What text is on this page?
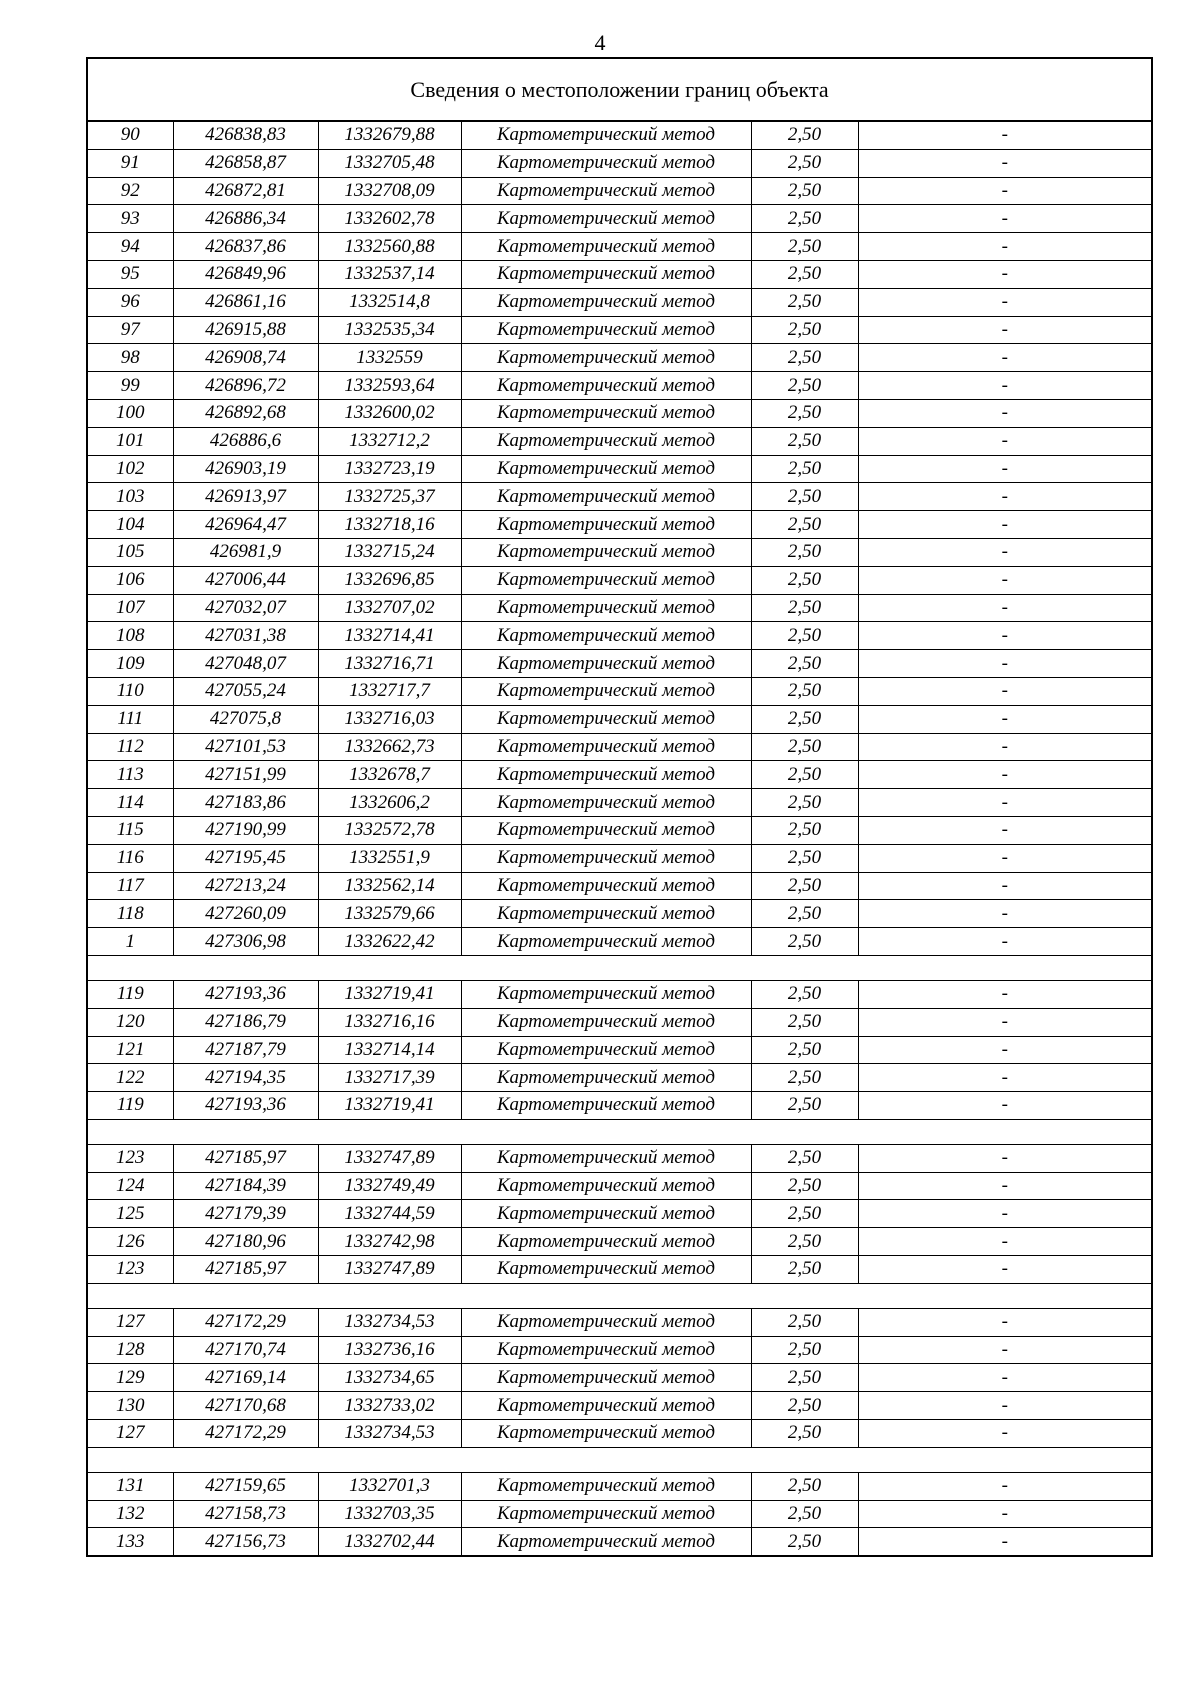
4
Сведения о местоположении границ объекта
90	426838,83	1332679,88	Картометрический метод	2,50	-
91	426858,87	1332705,48	Картометрический метод	2,50	-
92	426872,81	1332708,09	Картометрический метод	2,50	-
93	426886,34	1332602,78	Картометрический метод	2,50	-
94	426837,86	1332560,88	Картометрический метод	2,50	-
95	426849,96	1332537,14	Картометрический метод	2,50	-
96	426861,16	1332514,8	Картометрический метод	2,50	-
97	426915,88	1332535,34	Картометрический метод	2,50	-
98	426908,74	1332559	Картометрический метод	2,50	-
99	426896,72	1332593,64	Картометрический метод	2,50	-
100	426892,68	1332600,02	Картометрический метод	2,50	-
101	426886,6	1332712,2	Картометрический метод	2,50	-
102	426903,19	1332723,19	Картометрический метод	2,50	-
103	426913,97	1332725,37	Картометрический метод	2,50	-
104	426964,47	1332718,16	Картометрический метод	2,50	-
105	426981,9	1332715,24	Картометрический метод	2,50	-
106	427006,44	1332696,85	Картометрический метод	2,50	-
107	427032,07	1332707,02	Картометрический метод	2,50	-
108	427031,38	1332714,41	Картометрический метод	2,50	-
109	427048,07	1332716,71	Картометрический метод	2,50	-
110	427055,24	1332717,7	Картометрический метод	2,50	-
111	427075,8	1332716,03	Картометрический метод	2,50	-
112	427101,53	1332662,73	Картометрический метод	2,50	-
113	427151,99	1332678,7	Картометрический метод	2,50	-
114	427183,86	1332606,2	Картометрический метод	2,50	-
115	427190,99	1332572,78	Картометрический метод	2,50	-
116	427195,45	1332551,9	Картометрический метод	2,50	-
117	427213,24	1332562,14	Картометрический метод	2,50	-
118	427260,09	1332579,66	Картометрический метод	2,50	-
1	427306,98	1332622,42	Картометрический метод	2,50	-

119	427193,36	1332719,41	Картометрический метод	2,50	-
120	427186,79	1332716,16	Картометрический метод	2,50	-
121	427187,79	1332714,14	Картометрический метод	2,50	-
122	427194,35	1332717,39	Картометрический метод	2,50	-
119	427193,36	1332719,41	Картометрический метод	2,50	-

123	427185,97	1332747,89	Картометрический метод	2,50	-
124	427184,39	1332749,49	Картометрический метод	2,50	-
125	427179,39	1332744,59	Картометрический метод	2,50	-
126	427180,96	1332742,98	Картометрический метод	2,50	-
123	427185,97	1332747,89	Картометрический метод	2,50	-

127	427172,29	1332734,53	Картометрический метод	2,50	-
128	427170,74	1332736,16	Картометрический метод	2,50	-
129	427169,14	1332734,65	Картометрический метод	2,50	-
130	427170,68	1332733,02	Картометрический метод	2,50	-
127	427172,29	1332734,53	Картометрический метод	2,50	-

131	427159,65	1332701,3	Картометрический метод	2,50	-
132	427158,73	1332703,35	Картометрический метод	2,50	-
133	427156,73	1332702,44	Картометрический метод	2,50	-
